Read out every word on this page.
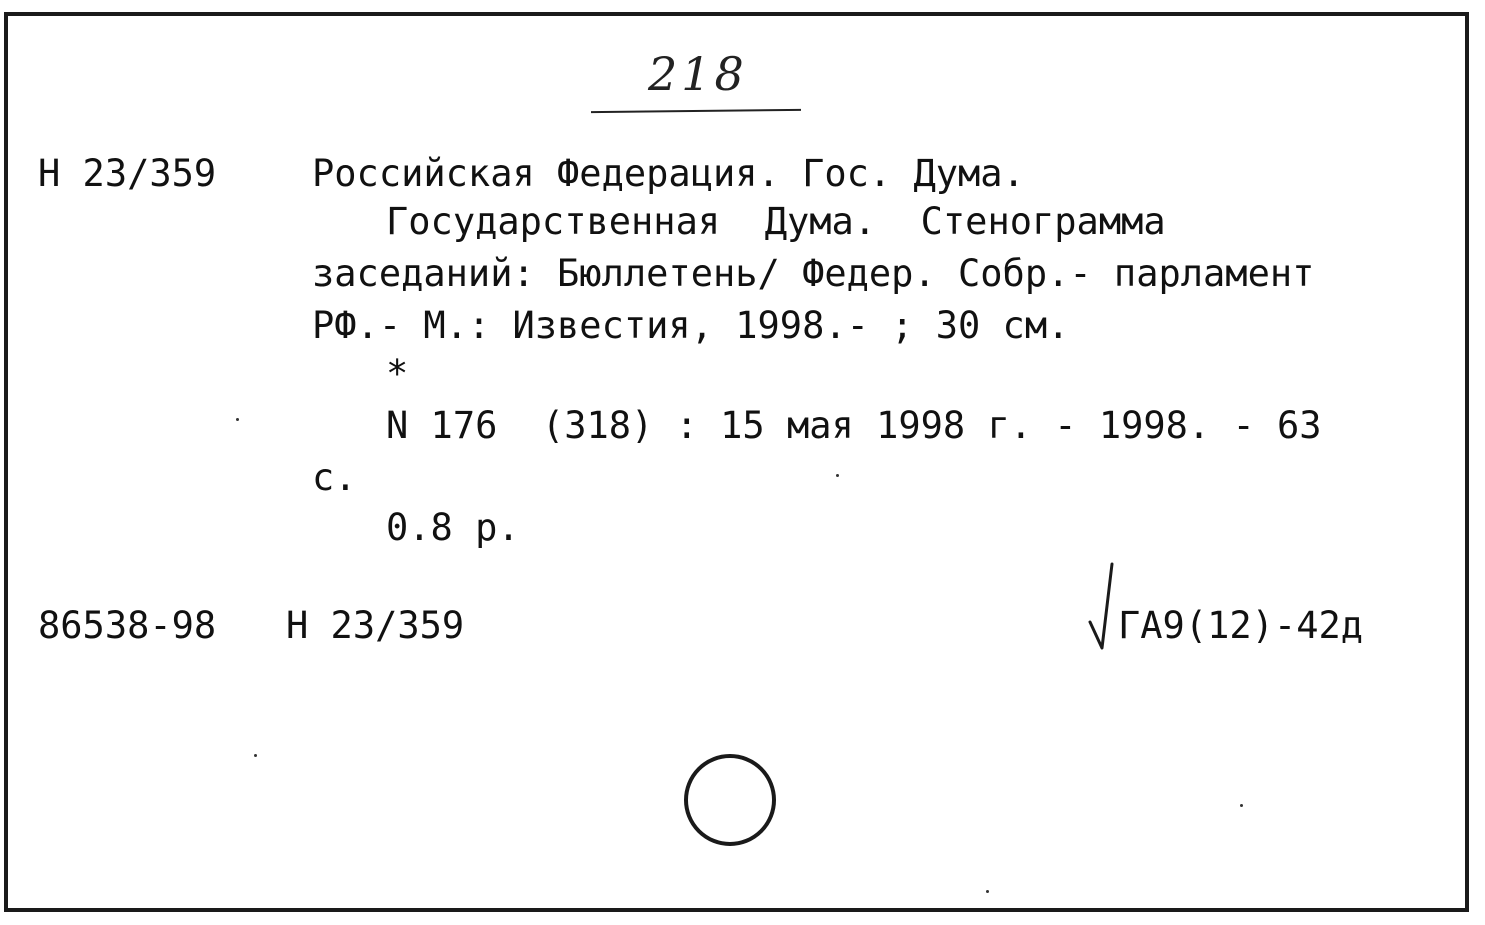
218
Н 23/359	Российская Федерация. Гос. Дума.
Государственная  Дума.  Стенограмма
заседаний: Бюллетень/ Федер. Собр.- парламент
РФ.- М.: Известия, 1998.- ; 30 см.
*
N 176  (318) : 15 мая 1998 г. - 1998. - 63
с.
0.8 р.
86538-98 Н 23/359	ГА9(12)-42д
